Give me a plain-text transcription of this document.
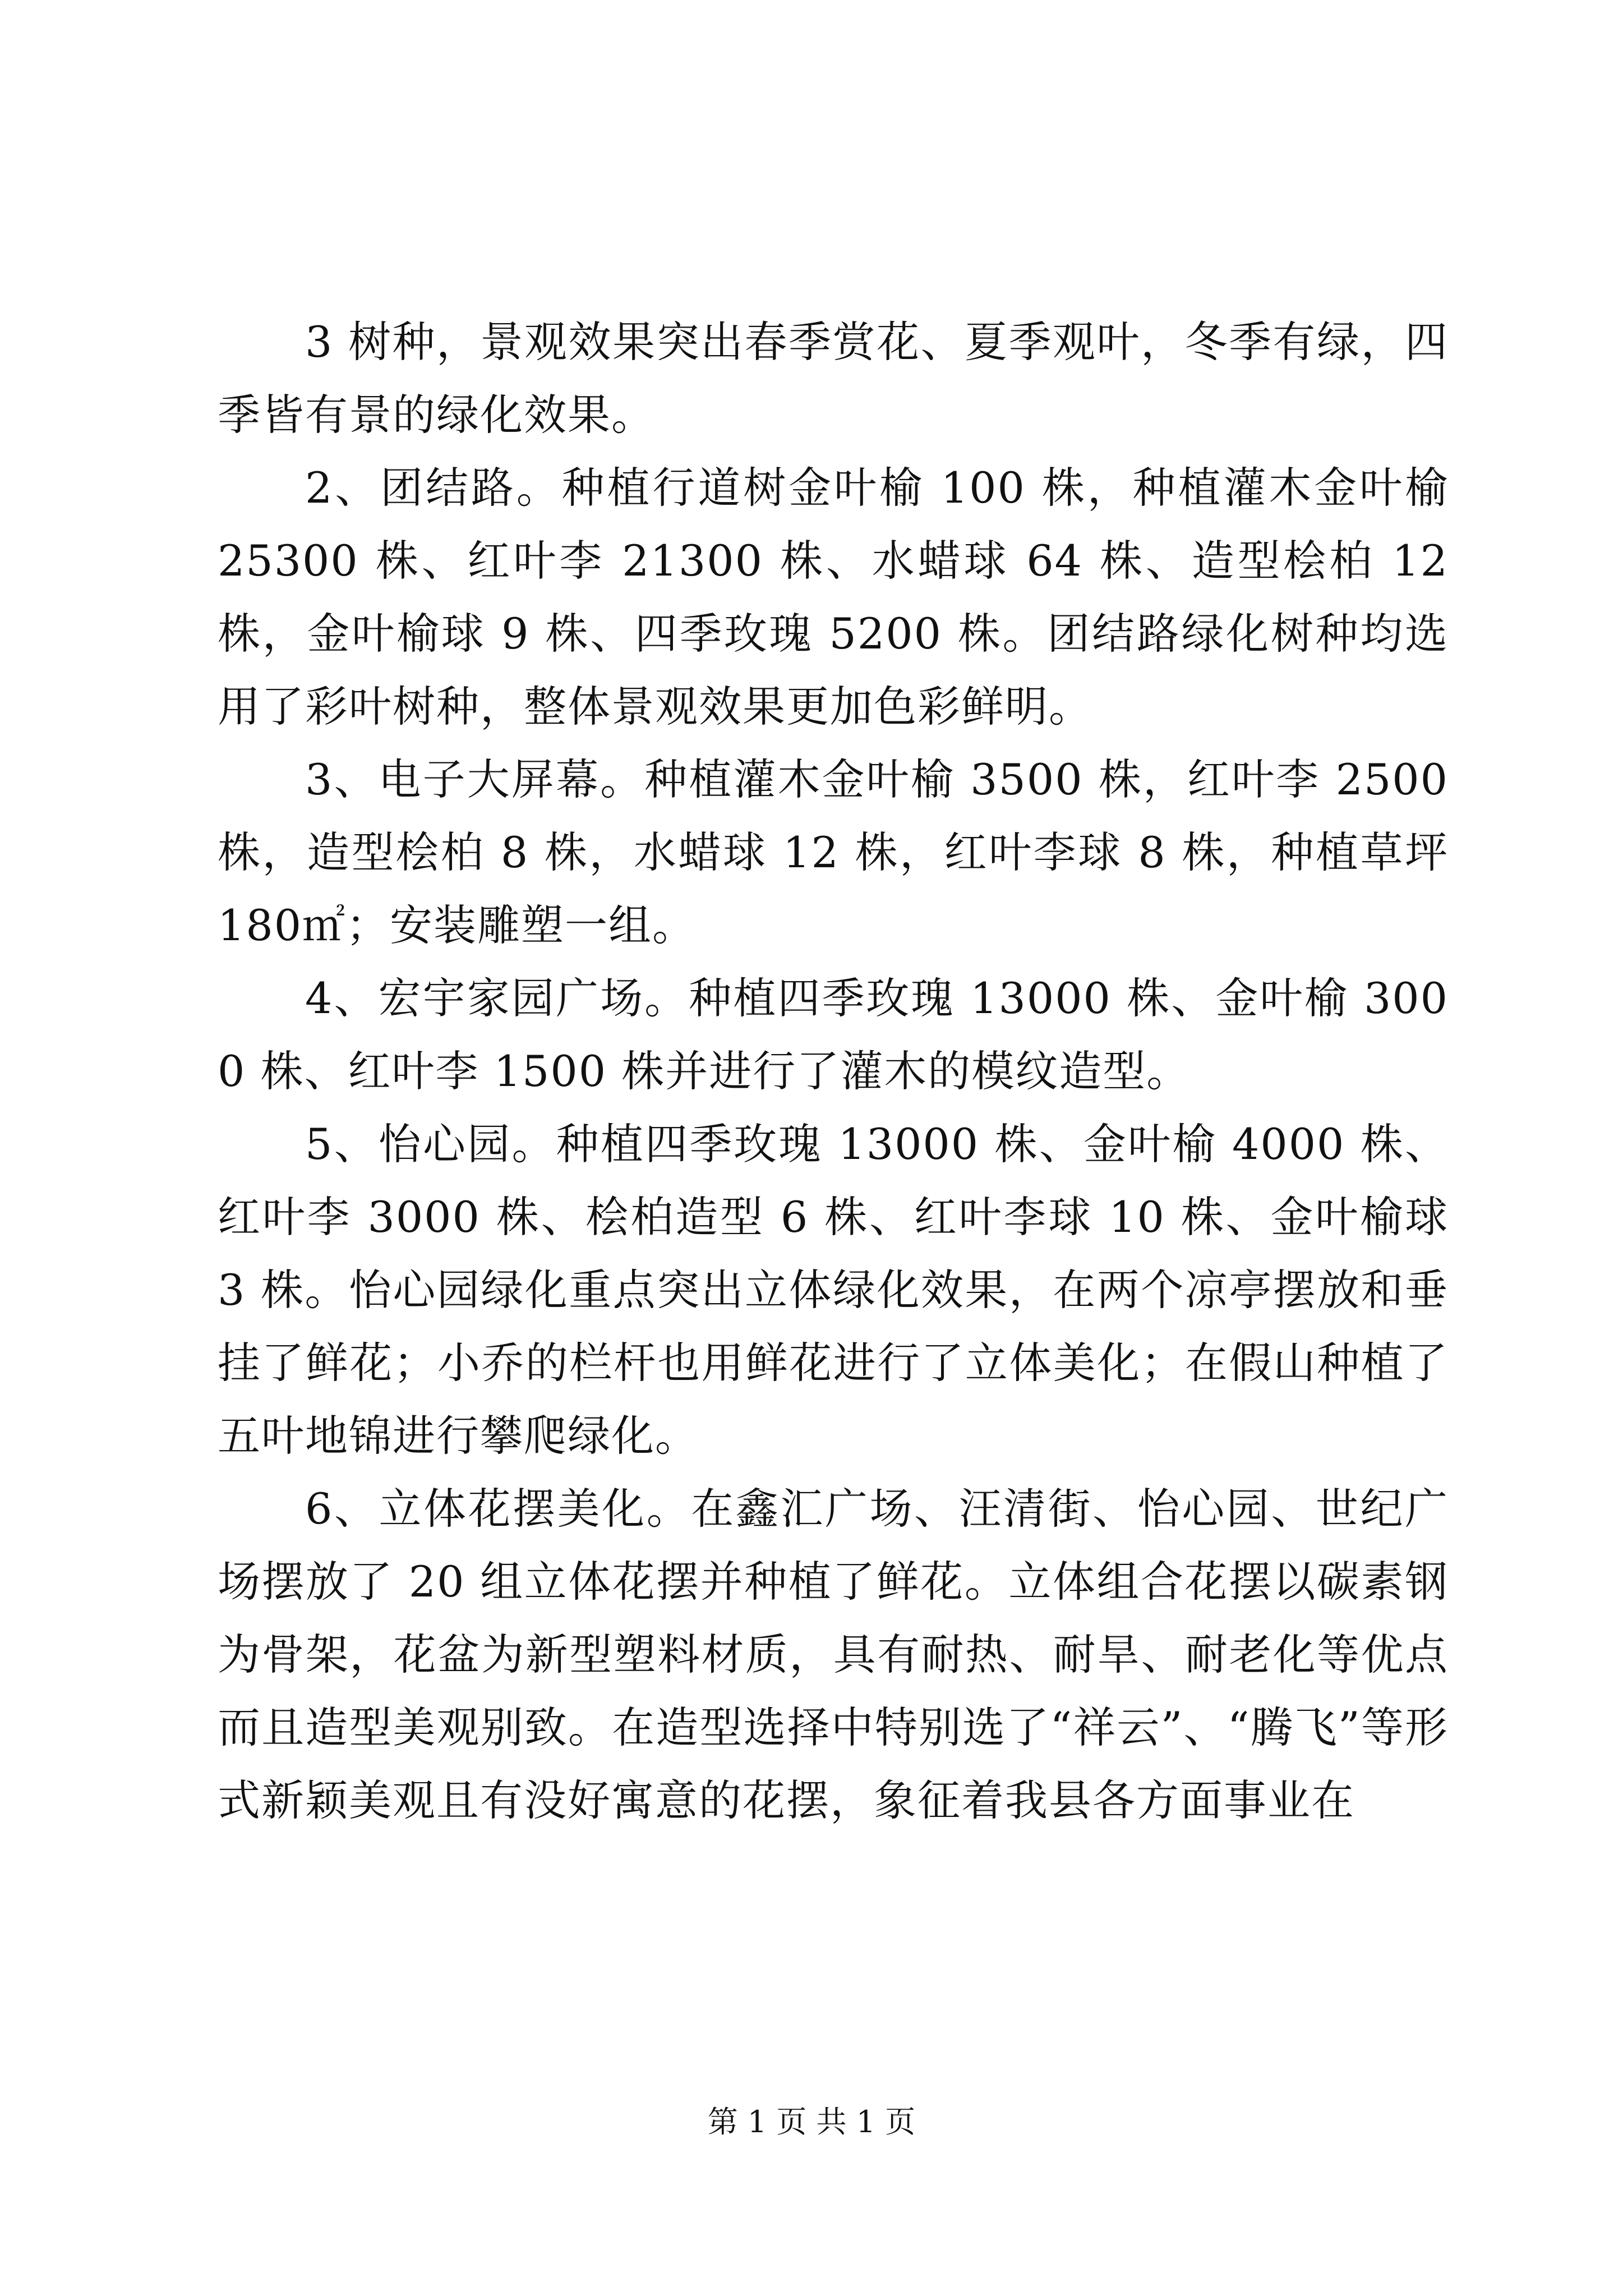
3 树种，景观效果突出春季赏花、夏季观叶，冬季有绿，四季皆有景的绿化效果。

2、团结路。种植行道树金叶榆 100 株，种植灌木金叶榆 25300 株、红叶李 21300 株、水蜡球 64 株、造型桧柏 12 株，金叶榆球 9 株、四季玫瑰 5200 株。团结路绿化树种均选用了彩叶树种，整体景观效果更加色彩鲜明。

3、电子大屏幕。种植灌木金叶榆 3500 株，红叶李 2500 株，造型桧柏 8 株，水蜡球 12 株，红叶李球 8 株，种植草坪 180㎡；安装雕塑一组。

4、宏宇家园广场。种植四季玫瑰 13000 株、金叶榆 3000 株、红叶李 1500 株并进行了灌木的模纹造型。

5、怡心园。种植四季玫瑰 13000 株、金叶榆 4000 株、红叶李 3000 株、桧柏造型 6 株、红叶李球 10 株、金叶榆球 3 株。怡心园绿化重点突出立体绿化效果，在两个凉亭摆放和垂挂了鲜花；小乔的栏杆也用鲜花进行了立体美化；在假山种植了五叶地锦进行攀爬绿化。

6、立体花摆美化。在鑫汇广场、汪清街、怡心园、世纪广场摆放了 20 组立体花摆并种植了鲜花。立体组合花摆以碳素钢为骨架，花盆为新型塑料材质，具有耐热、耐旱、耐老化等优点而且造型美观别致。在造型选择中特别选了“祥云”、“腾飞”等形式新颖美观且有没好寓意的花摆，象征着我县各方面事业在

第 1 页 共 1 页
